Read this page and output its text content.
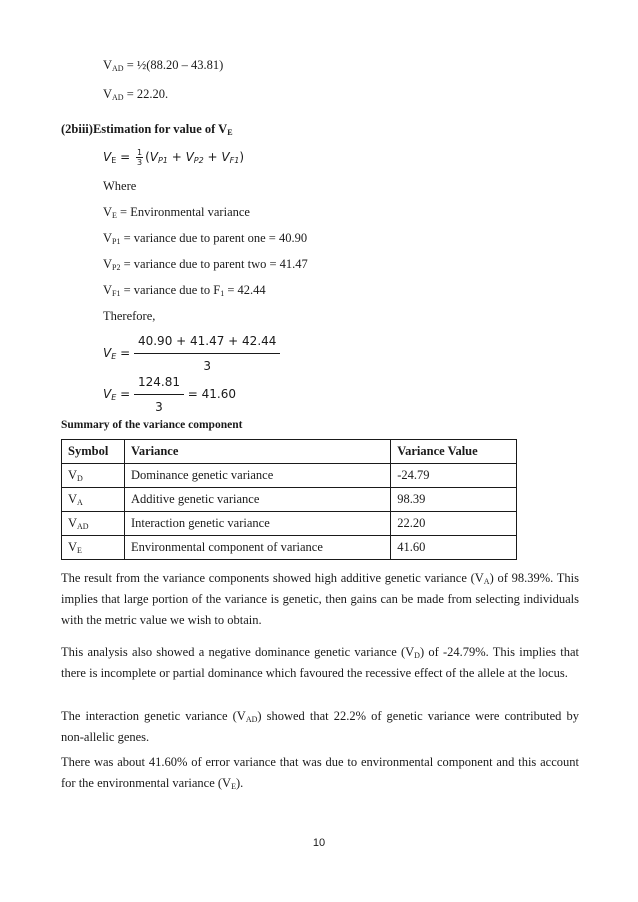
$V_{AD}$ = ½(88.20 – 43.81)
$V_{AD} = 22.20$.
(2biii)Estimation for value of $V_E$
$V_E = \frac{1}{3} (V_{P1} + V_{P2} + V_{F1})$
Where
$V_E$ = Environmental variance
$V_{P1}$ = variance due to parent one = 40.90
$V_{P2}$ = variance due to parent two = 41.47
$V_{F1}$ = variance due to $F_1 = 42.44$
Therefore,
$V_E = \frac{40.90 + 41.47 + 42.44}{3}$
$V_E = \frac{124.81}{3} = 41.60$
Summary of the variance component
Symbol	Variance	Variance Value
$V_D$	Dominance genetic variance	-24.79
$V_A$	Additive genetic variance	98.39
$V_{AD}$	Interaction genetic variance	22.20
$V_E$	Environmental component of variance	41.60

The result from the variance components showed high additive genetic variance $(V_A)$ of 98.39%. This implies that large portion of the variance is genetic, then gains can be made from selecting individuals with the metric value we wish to obtain.

This analysis also showed a negative dominance genetic variance $(V_D)$ of -24.79%. This implies that there is incomplete or partial dominance which favoured the recessive effect of the allele at the locus.

The interaction genetic variance $(V_{AD})$ showed that 22.2% of genetic variance were contributed by non-allelic genes.

There was about 41.60% of error variance that was due to environmental component and this account for the environmental variance $(V_E)$.

10
